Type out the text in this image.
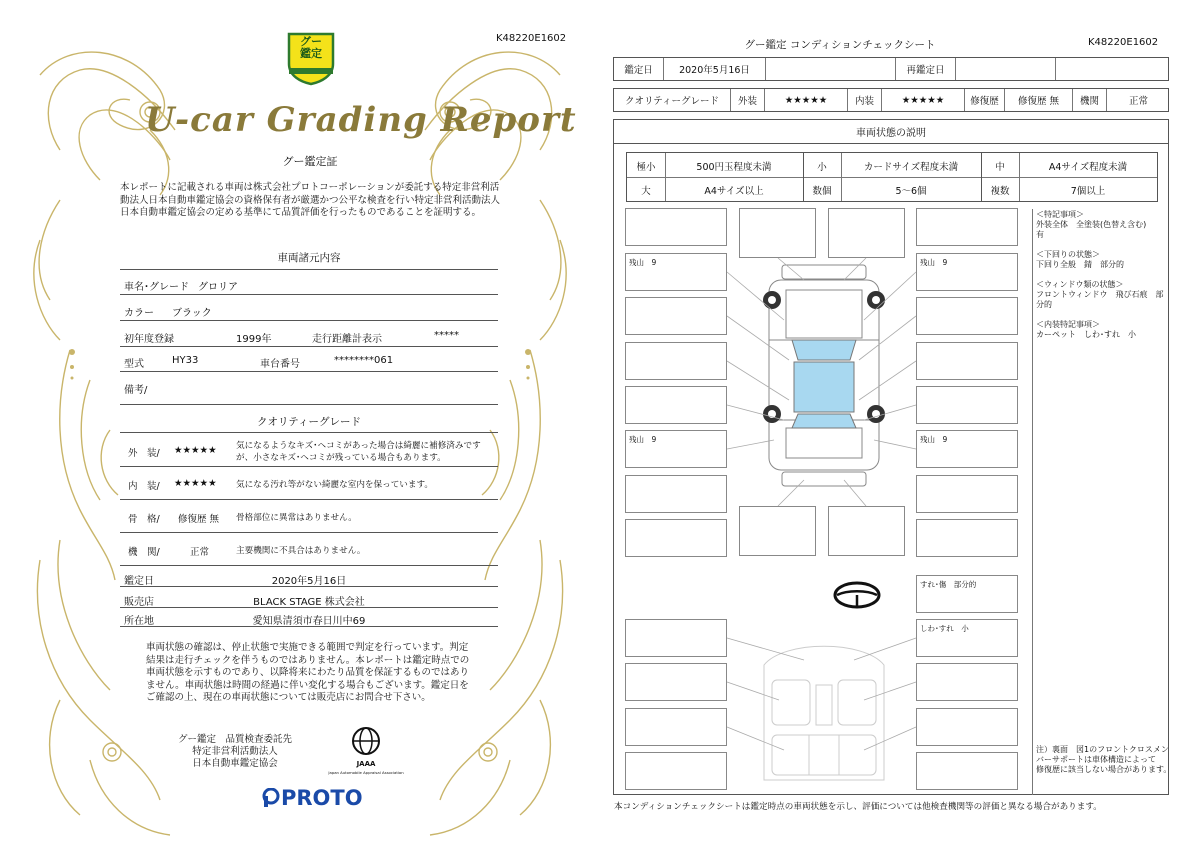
K48220E1602
グー
鑑定
U-car Grading Report
グー鑑定証
本レポートに記載される車両は株式会社プロトコーポレーションが委託する特定非営利活動法人日本自動車鑑定協会の資格保有者が厳選かつ公平な検査を行い特定非営利活動法人日本自動車鑑定協会の定める基準にて品質評価を行ったものであることを証明する。
車両諸元内容
車名･グレード グロリア
カラー ブラック
初年度登録	1999年	走行距離計表示	*****
型式	HY33	車台番号	********061
備考/
クオリティーグレード
外　装/ ★★★★★ 気になるようなキズ･ヘコミがあった場合は綺麗に補修済みです
が、小さなキズ･ヘコミが残っている場合もあります。
内　装/ ★★★★★ 気になる汚れ等がない綺麗な室内を保っています。
骨　格/ 修復歴 無 骨格部位に異常はありません。
機　関/	正常	主要機関に不具合はありません。
鑑定日	2020年5月16日
販売店	BLACK STAGE 株式会社
所在地	愛知県清須市春日川中69
車両状態の確認は、停止状態で実施できる範囲で判定を行っています。判定結果は走行チェックを伴うものではありません。本レポートは鑑定時点での車両状態を示すものであり、以降将来にわたり品質を保証するものではありません。車両状態は時間の経過に伴い変化する場合もございます。鑑定日をご確認の上、現在の車両状態については販売店にお問合せ下さい。
グー鑑定　品質検査委託先
特定非営利活動法人
日本自動車鑑定協会	JAAA
Japan Automobile Appraisal Association
PROTO
グー鑑定 コンディションチェックシート	K48220E1602
鑑定日	2020年5月16日	再鑑定日
クオリティーグレード	外装	★★★★★	内装	★★★★★	修復歴	修復歴 無	機関	正常
車両状態の説明
極小	500円玉程度未満	小	カードサイズ程度未満	中	A4サイズ程度未満
大	A4サイズ以上	数個	5〜6個	複数	7個以上

＜特記事項＞

外装全体　全塗装(色替え含む)

有

＜下回りの状態＞

下回り全般　錆　部分的

＜ウィンドウ類の状態＞

フロントウィンドウ　飛び石痕　部

分的

＜内装特記事項＞

カーペット　しわ･すれ　小

注）裏面　図1のフロントクロスメン

バーサポートは車体構造によって

修復歴に該当しない場合があります。

残山　9
残山　9
残山　9
残山　9
すれ･傷　部分的
しわ･すれ　小
本コンディションチェックシートは鑑定時点の車両状態を示し、評価については他検査機関等の評価と異なる場合があります。
